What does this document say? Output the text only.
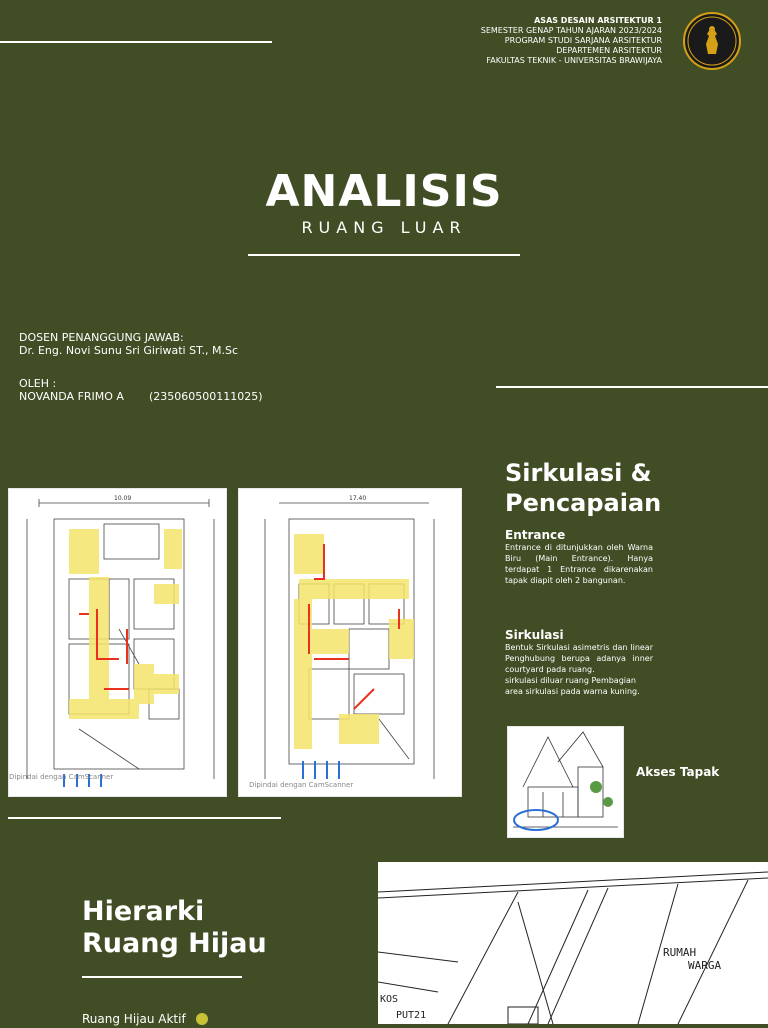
ASAS DESAIN ARSITEKTUR 1
SEMESTER GENAP TAHUN AJARAN 2023/2024
PROGRAM STUDI SARJANA ARSITEKTUR
DEPARTEMEN ARSITEKTUR
FAKULTAS TEKNIK - UNIVERSITAS BRAWIJAYA
ANALISIS
RUANG LUAR
DOSEN PENANGGUNG JAWAB:
Dr. Eng. Novi Sunu Sri Giriwati ST., M.Sc
OLEH :
NOVANDA FRIMO A (235060500111025)
10.09
Dipindai dengan CamScanner
17.40
Dipindai dengan CamScanner
Sirkulasi & Pencapaian
Entrance
Entrance di ditunjukkan oleh Warna Biru (Main Entrance). Hanya terdapat 1 Entrance dikarenakan tapak diapit oleh 2 bangunan.
Sirkulasi
Bentuk Sirkulasi asimetris dan linear Penghubung berupa adanya inner courtyard pada ruang.
sirkulasi diluar ruang Pembagian area sirkulasi pada warna kuning.
Akses Tapak
Hierarki
Ruang Hijau
Ruang Hijau Aktif
RUMAH
WARGA
KOS
PUT21
